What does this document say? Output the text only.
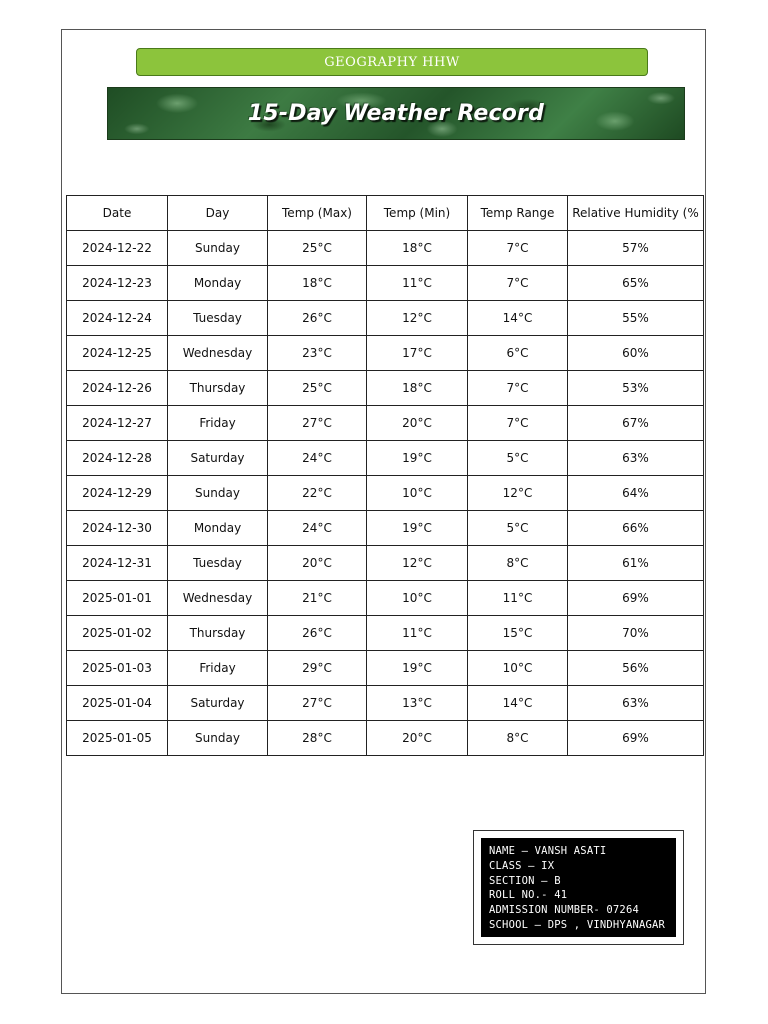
GEOGRAPHY HHW
15-Day Weather Record
Date	Day	Temp (Max)	Temp (Min)	Temp Range	Relative Humidity (%
2024-12-22	Sunday	25°C	18°C	7°C	57%
2024-12-23	Monday	18°C	11°C	7°C	65%
2024-12-24	Tuesday	26°C	12°C	14°C	55%
2024-12-25	Wednesday	23°C	17°C	6°C	60%
2024-12-26	Thursday	25°C	18°C	7°C	53%
2024-12-27	Friday	27°C	20°C	7°C	67%
2024-12-28	Saturday	24°C	19°C	5°C	63%
2024-12-29	Sunday	22°C	10°C	12°C	64%
2024-12-30	Monday	24°C	19°C	5°C	66%
2024-12-31	Tuesday	20°C	12°C	8°C	61%
2025-01-01	Wednesday	21°C	10°C	11°C	69%
2025-01-02	Thursday	26°C	11°C	15°C	70%
2025-01-03	Friday	29°C	19°C	10°C	56%
2025-01-04	Saturday	27°C	13°C	14°C	63%
2025-01-05	Sunday	28°C	20°C	8°C	69%
NAME – VANSH ASATI
CLASS – IX
SECTION – B
ROLL NO.- 41
ADMISSION NUMBER- 07264
SCHOOL – DPS , VINDHYANAGAR
